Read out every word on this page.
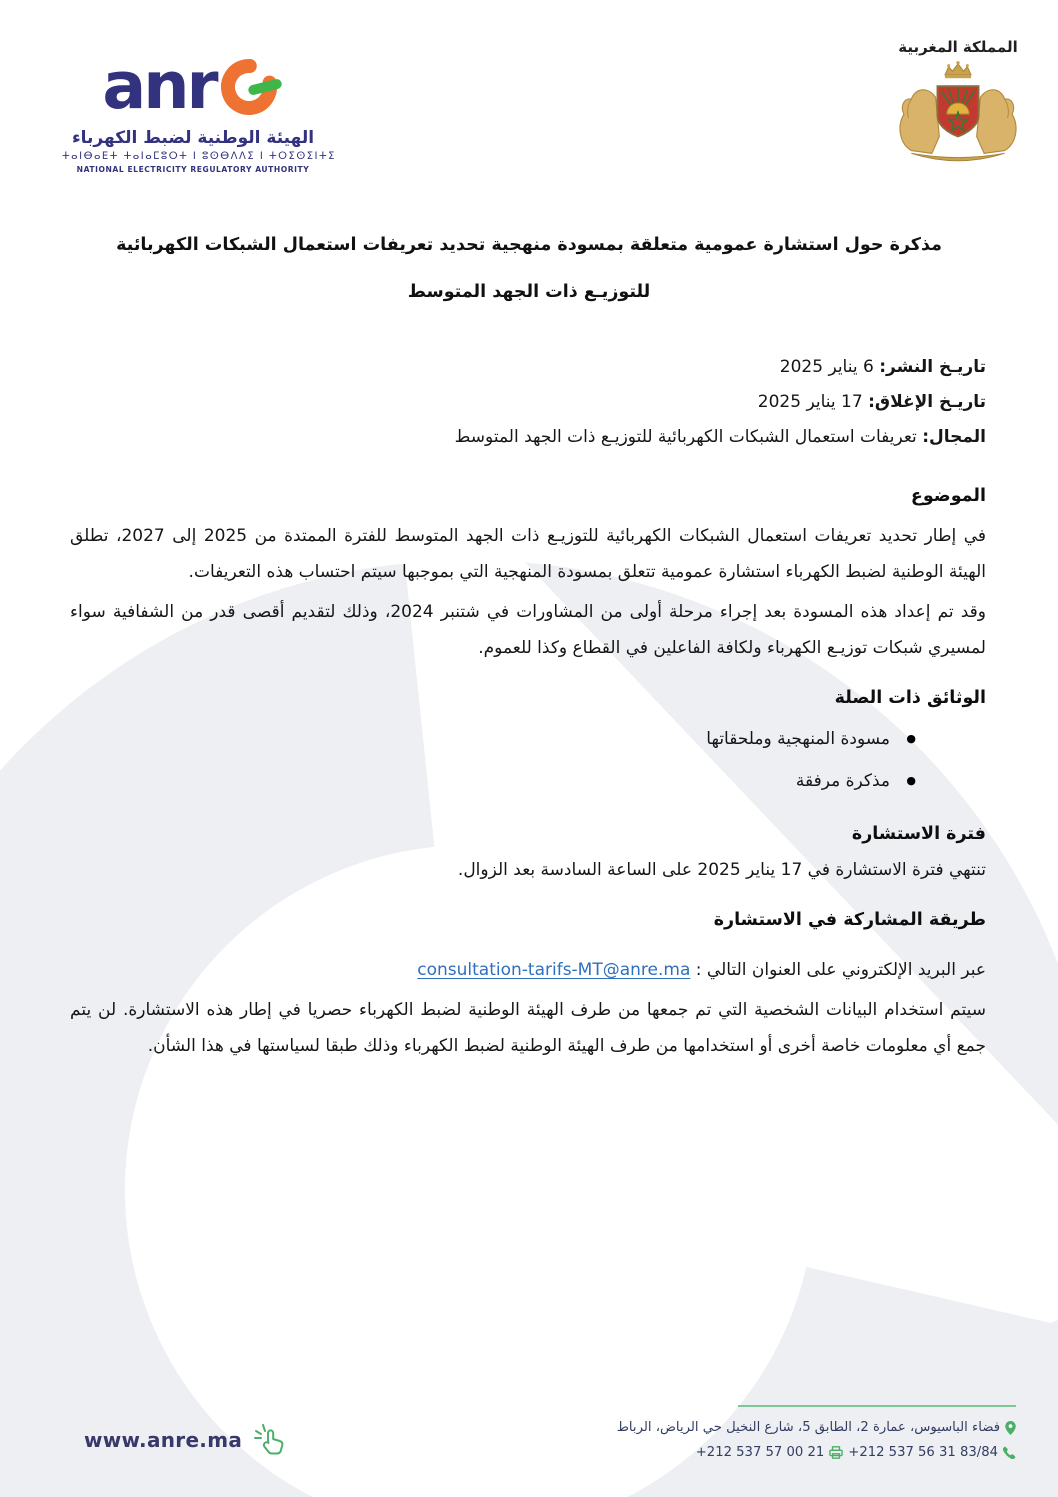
anr
الهيئة الوطنية لضبط الكهرباء
ⵜⴰⵏⴱⴰⴹⵜ ⵜⴰⵏⴰⵎⵓⵔⵜ ⵏ ⵓⵙⴱⴷⴷⵉ ⵏ ⵜⵔⵉⵙⵉⵏⵜⵉ
NATIONAL ELECTRICITY REGULATORY AUTHORITY
المملكة المغربية
مذكرة حول استشارة عمومية متعلقة بمسودة منهجية تحديد تعريفات استعمال الشبكات الكهربائية
للتوزيـع ذات الجهد المتوسط
تاريـخ النشر: 6 يناير 2025
تاريـخ الإغلاق: 17 يناير 2025
المجال: تعريفات استعمال الشبكات الكهربائية للتوزيـع ذات الجهد المتوسط
الموضوع

في إطار تحديد تعريفات استعمال الشبكات الكهربائية للتوزيـع ذات الجهد المتوسط للفترة الممتدة من 2025 إلى 2027، تطلق الهيئة الوطنية لضبط الكهرباء استشارة عمومية تتعلق بمسودة المنهجية التي بموجبها سيتم احتساب هذه التعريفات.

وقد تم إعداد هذه المسودة بعد إجراء مرحلة أولى من المشاورات في شتنبر 2024، وذلك لتقديم أقصى قدر من الشفافية سواء لمسيري شبكات توزيـع الكهرباء ولكافة الفاعلين في القطاع وكذا للعموم.

الوثائق ذات الصلة
● مسودة المنهجية وملحقاتها
● مذكرة مرفقة
فترة الاستشارة

تنتهي فترة الاستشارة في 17 يناير 2025 على الساعة السادسة بعد الزوال.

طريقة المشاركة في الاستشارة

عبر البريد الإلكتروني على العنوان التالي : consultation-tarifs-MT@anre.ma

سيتم استخدام البيانات الشخصية التي تم جمعها من طرف الهيئة الوطنية لضبط الكهرباء حصريا في إطار هذه الاستشارة. لن يتم جمع أي معلومات خاصة أخرى أو استخدامها من طرف الهيئة الوطنية لضبط الكهرباء وذلك طبقا لسياستها في هذا الشأن.

www.anre.ma
فضاء الباسيوس، عمارة 2، الطابق 5، شارع النخيل حي الرياض، الرباط
+212 537 56 31 83/84
+212 537 57 00 21
